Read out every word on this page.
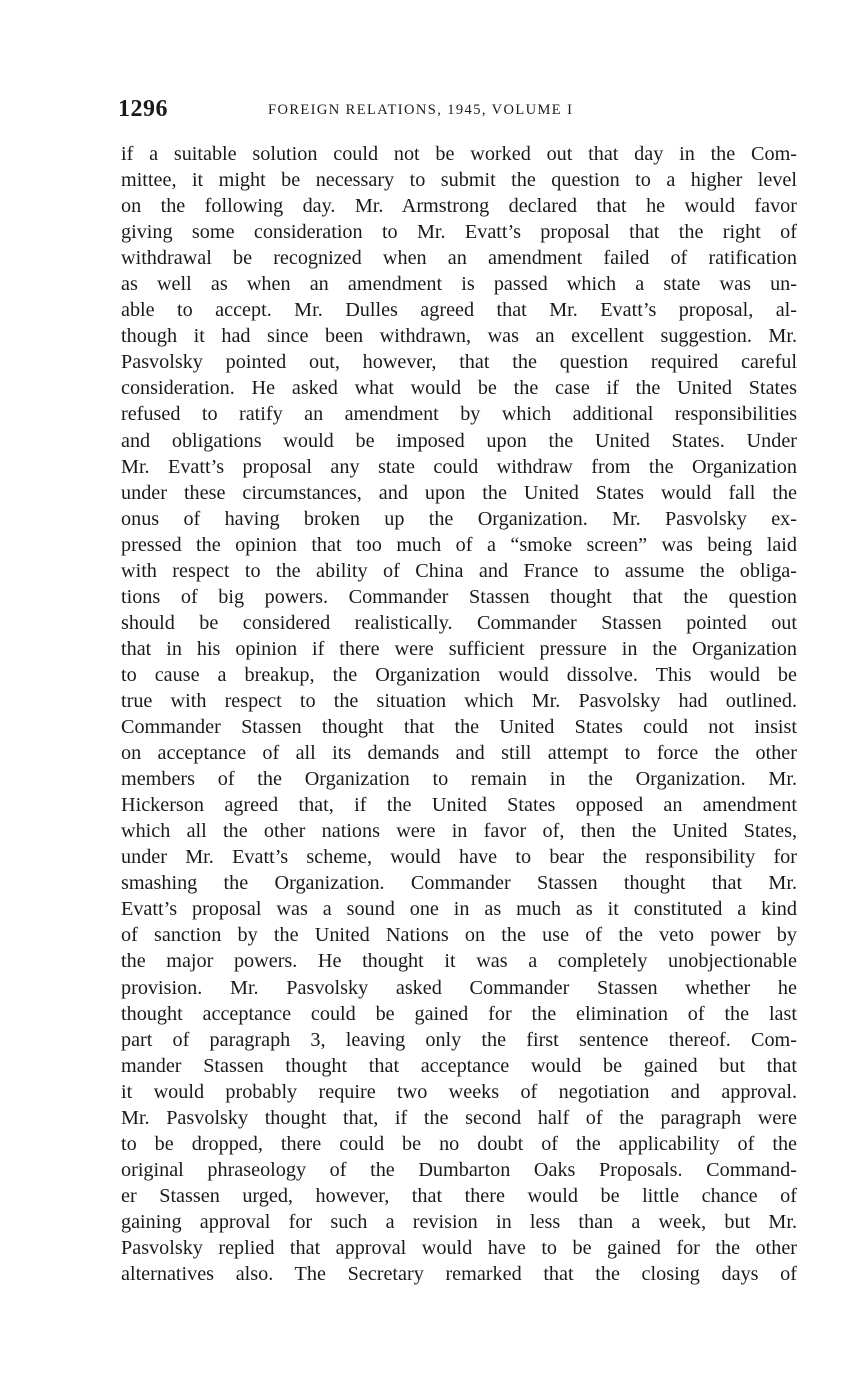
1296	FOREIGN RELATIONS, 1945, VOLUME I
if a suitable solution could not be worked out that day in the Com-
mittee, it might be necessary to submit the question to a higher level
on the following day. Mr. Armstrong declared that he would favor
giving some consideration to Mr. Evatt’s proposal that the right of
withdrawal be recognized when an amendment failed of ratification
as well as when an amendment is passed which a state was un-
able to accept. Mr. Dulles agreed that Mr. Evatt’s proposal, al-
though it had since been withdrawn, was an excellent suggestion. Mr.
Pasvolsky pointed out, however, that the question required careful
consideration. He asked what would be the case if the United States
refused to ratify an amendment by which additional responsibilities
and obligations would be imposed upon the United States. Under
Mr. Evatt’s proposal any state could withdraw from the Organization
under these circumstances, and upon the United States would fall the
onus of having broken up the Organization. Mr. Pasvolsky ex-
pressed the opinion that too much of a “smoke screen” was being laid
with respect to the ability of China and France to assume the obliga-
tions of big powers. Commander Stassen thought that the question
should be considered realistically. Commander Stassen pointed out
that in his opinion if there were sufficient pressure in the Organization
to cause a breakup, the Organization would dissolve. This would be
true with respect to the situation which Mr. Pasvolsky had outlined.
Commander Stassen thought that the United States could not insist
on acceptance of all its demands and still attempt to force the other
members of the Organization to remain in the Organization. Mr.
Hickerson agreed that, if the United States opposed an amendment
which all the other nations were in favor of, then the United States,
under Mr. Evatt’s scheme, would have to bear the responsibility for
smashing the Organization. Commander Stassen thought that Mr.
Evatt’s proposal was a sound one in as much as it constituted a kind
of sanction by the United Nations on the use of the veto power by
the major powers. He thought it was a completely unobjectionable
provision. Mr. Pasvolsky asked Commander Stassen whether he
thought acceptance could be gained for the elimination of the last
part of paragraph 3, leaving only the first sentence thereof. Com-
mander Stassen thought that acceptance would be gained but that
it would probably require two weeks of negotiation and approval.
Mr. Pasvolsky thought that, if the second half of the paragraph were
to be dropped, there could be no doubt of the applicability of the
original phraseology of the Dumbarton Oaks Proposals. Command-
er Stassen urged, however, that there would be little chance of
gaining approval for such a revision in less than a week, but Mr.
Pasvolsky replied that approval would have to be gained for the other
alternatives also. The Secretary remarked that the closing days of
